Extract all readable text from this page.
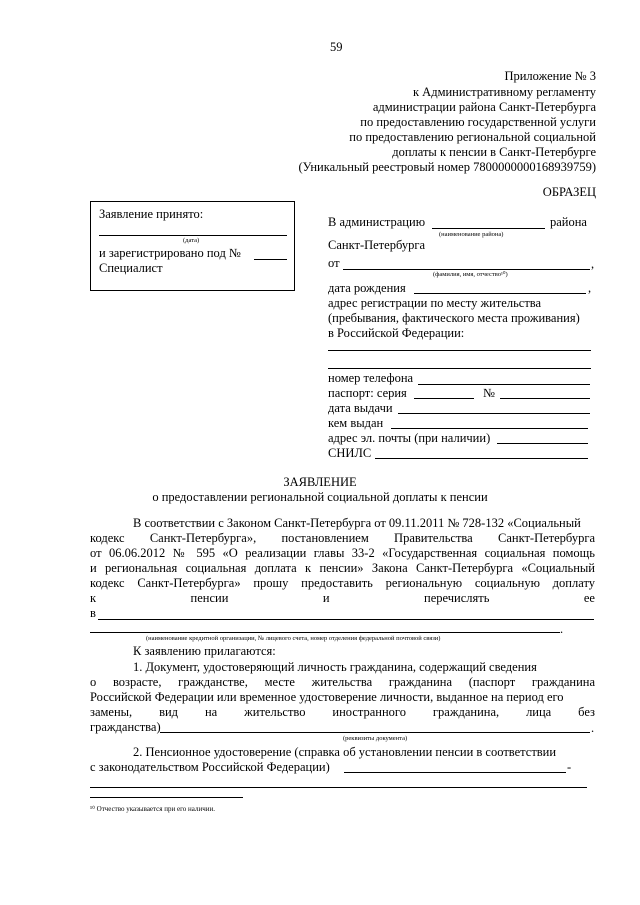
59
Приложение № 3
к Административному регламенту
администрации района Санкт-Петербурга
по предоставлению государственной услуги
по предоставлению региональной социальной
доплаты к пенсии в Санкт-Петербурге
(Уникальный реестровый номер 7800000000168939759)
ОБРАЗЕЦ
Заявление принято:
(дата)
и зарегистрировано под №
Специалист
В администрацию	района
(наименование района)
Санкт-Петербурга
от	,
(фамилия, имя, отчество¹⁰)
дата рождения	,
адрес регистрации по месту жительства
(пребывания, фактического места проживания)
в Российской Федерации:
номер телефона
паспорт: серия	№
дата выдачи
кем выдан
адрес эл. почты (при наличии)
СНИЛС
ЗАЯВЛЕНИЕ
о предоставлении региональной социальной доплаты к пенсии
В соответствии с Законом Санкт-Петербурга от 09.11.2011 № 728-132 «Социальный
кодекс Санкт-Петербурга», постановлением Правительства Санкт-Петербурга
от 06.06.2012 № 595 «О реализации главы 33-2 «Государственная социальная помощь
и региональная социальная доплата к пенсии» Закона Санкт-Петербурга «Социальный
кодекс Санкт-Петербурга» прошу предоставить региональную социальную доплату
к	пенсии	и	перечислять	ее
в
.
(наименование кредитной организации, № лицевого счета, номер отделения федеральной почтовой связи)
К заявлению прилагаются:
1. Документ, удостоверяющий личность гражданина, содержащий сведения
о возрасте, гражданстве, месте жительства гражданина (паспорт гражданина
Российской Федерации или временное удостоверение личности, выданное на период его
замены, вид на жительство иностранного гражданина, лица без
гражданства)	.
(реквизиты документа)
2. Пенсионное удостоверение (справка об установлении пенсии в соответствии
с законодательством Российской Федерации)	-
¹⁰ Отчество указывается при его наличии.
